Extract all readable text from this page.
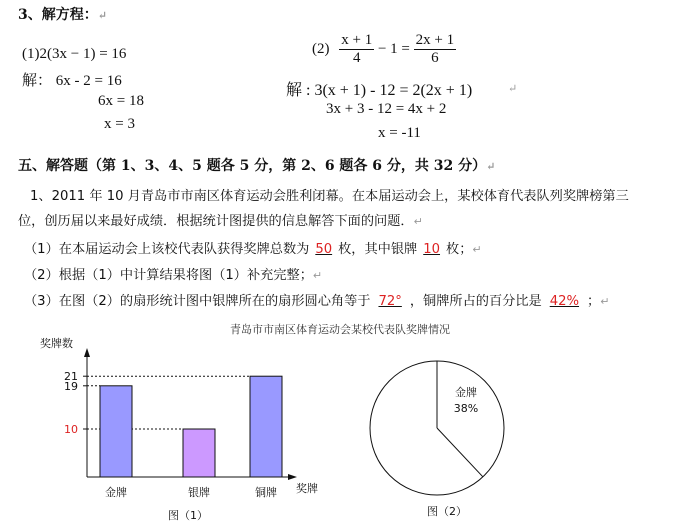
3、解方程：↵
(1)2(3x − 1) = 16
解： 6x - 2 = 16
6x = 18
x = 3
$(2) \frac{x + 1}{4} - 1 = \frac{2x + 1}{6}$
解 : 3(x + 1) - 12 = 2(2x + 1)
3x + 3 - 12 = 4x + 2
x = -11
↵
五、解答题（第 1、3、4、5 题各 5 分，第 2、6 题各 6 分，共 32 分）↵
1、2011 年 10 月青岛市市南区体育运动会胜利闭幕。在本届运动会上，某校体育代表队列奖牌榜第三
位，创历届以来最好成绩．根据统计图提供的信息解答下面的问题．↵
（1）在本届运动会上该校代表队获得奖牌总数为 50 枚，其中银牌 10 枚；↵
（2）根据（1）中计算结果将图（1）补充完整；↵
（3）在图（2）的扇形统计图中银牌所在的扇形圆心角等于 72° ，铜牌所占的百分比是 42% ；↵
青岛市市南区体育运动会某校代表队奖牌情况
奖牌数
奖牌
10
19
21
金牌	银牌	铜牌
图（1）
金牌
38%
图（2）
